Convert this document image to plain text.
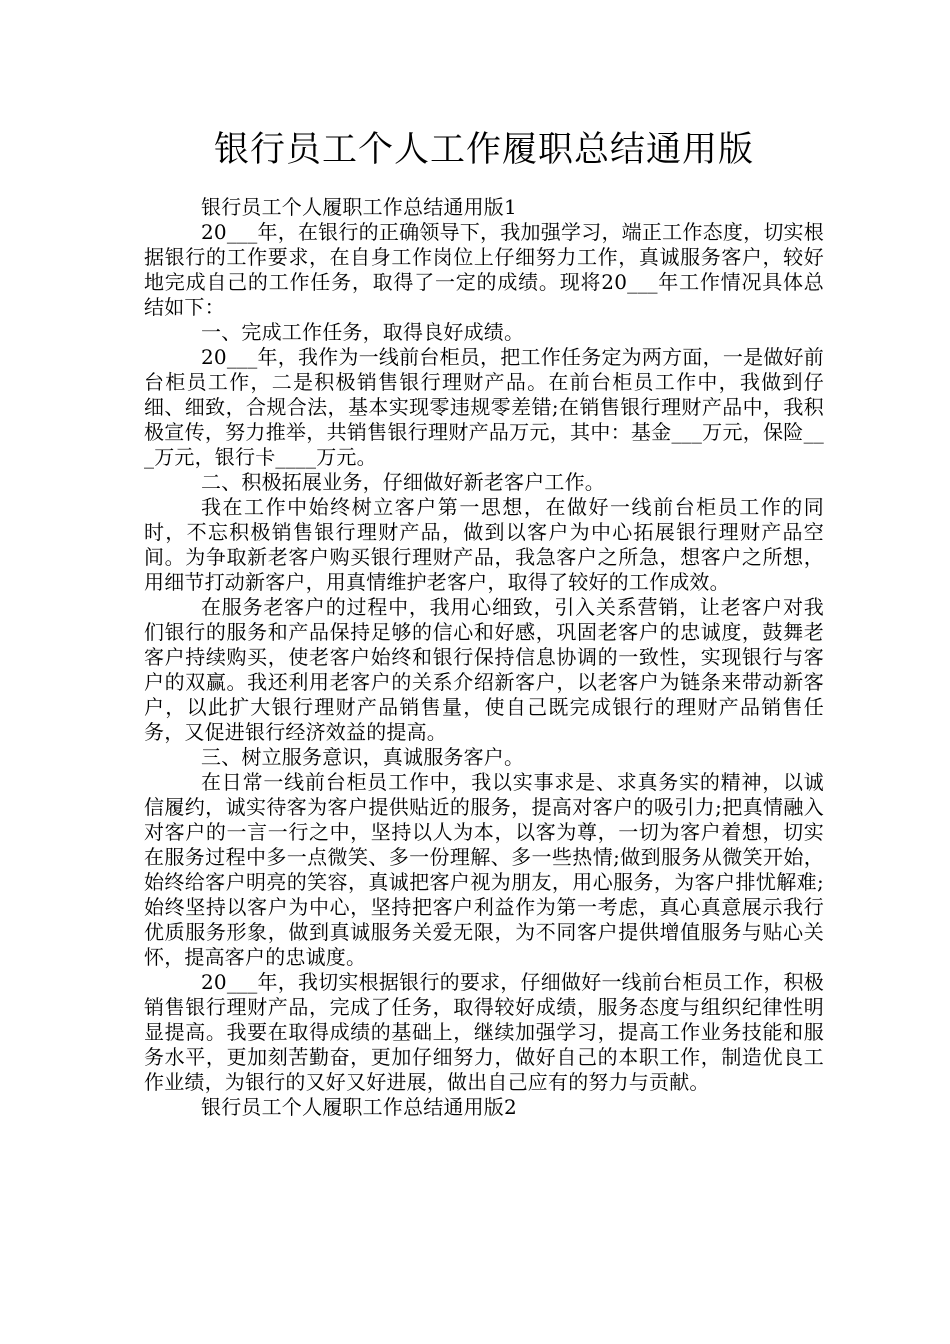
银行员工个人工作履职总结通用版

银行员工个人履职工作总结通用版1

20___年，在银行的正确领导下，我加强学习，端正工作态度，切实根据银行的工作要求，在自身工作岗位上仔细努力工作，真诚服务客户，较好地完成自己的工作任务，取得了一定的成绩。现将20___年工作情况具体总结如下：

一、完成工作任务，取得良好成绩。

20___年，我作为一线前台柜员，把工作任务定为两方面，一是做好前台柜员工作，二是积极销售银行理财产品。在前台柜员工作中，我做到仔细、细致，合规合法，基本实现零违规零差错;在销售银行理财产品中，我积极宣传，努力推举，共销售银行理财产品万元，其中：基金___万元，保险___万元，银行卡____万元。

二、积极拓展业务，仔细做好新老客户工作。

我在工作中始终树立客户第一思想，在做好一线前台柜员工作的同时，不忘积极销售银行理财产品，做到以客户为中心拓展银行理财产品空间。为争取新老客户购买银行理财产品，我急客户之所急，想客户之所想，用细节打动新客户，用真情维护老客户，取得了较好的工作成效。

在服务老客户的过程中，我用心细致，引入关系营销，让老客户对我们银行的服务和产品保持足够的信心和好感，巩固老客户的忠诚度，鼓舞老客户持续购买，使老客户始终和银行保持信息协调的一致性，实现银行与客户的双赢。我还利用老客户的关系介绍新客户，以老客户为链条来带动新客户，以此扩大银行理财产品销售量，使自己既完成银行的理财产品销售任务，又促进银行经济效益的提高。

三、树立服务意识，真诚服务客户。

在日常一线前台柜员工作中，我以实事求是、求真务实的精神，以诚信履约，诚实待客为客户提供贴近的服务，提高对客户的吸引力;把真情融入对客户的一言一行之中，坚持以人为本，以客为尊，一切为客户着想，切实在服务过程中多一点微笑、多一份理解、多一些热情;做到服务从微笑开始，始终给客户明亮的笑容，真诚把客户视为朋友，用心服务，为客户排忧解难;始终坚持以客户为中心，坚持把客户利益作为第一考虑，真心真意展示我行优质服务形象，做到真诚服务关爱无限，为不同客户提供增值服务与贴心关怀，提高客户的忠诚度。

20___年，我切实根据银行的要求，仔细做好一线前台柜员工作，积极销售银行理财产品，完成了任务，取得较好成绩，服务态度与组织纪律性明显提高。我要在取得成绩的基础上，继续加强学习，提高工作业务技能和服务水平，更加刻苦勤奋，更加仔细努力，做好自己的本职工作，制造优良工作业绩，为银行的又好又好进展，做出自己应有的努力与贡献。

银行员工个人履职工作总结通用版2
